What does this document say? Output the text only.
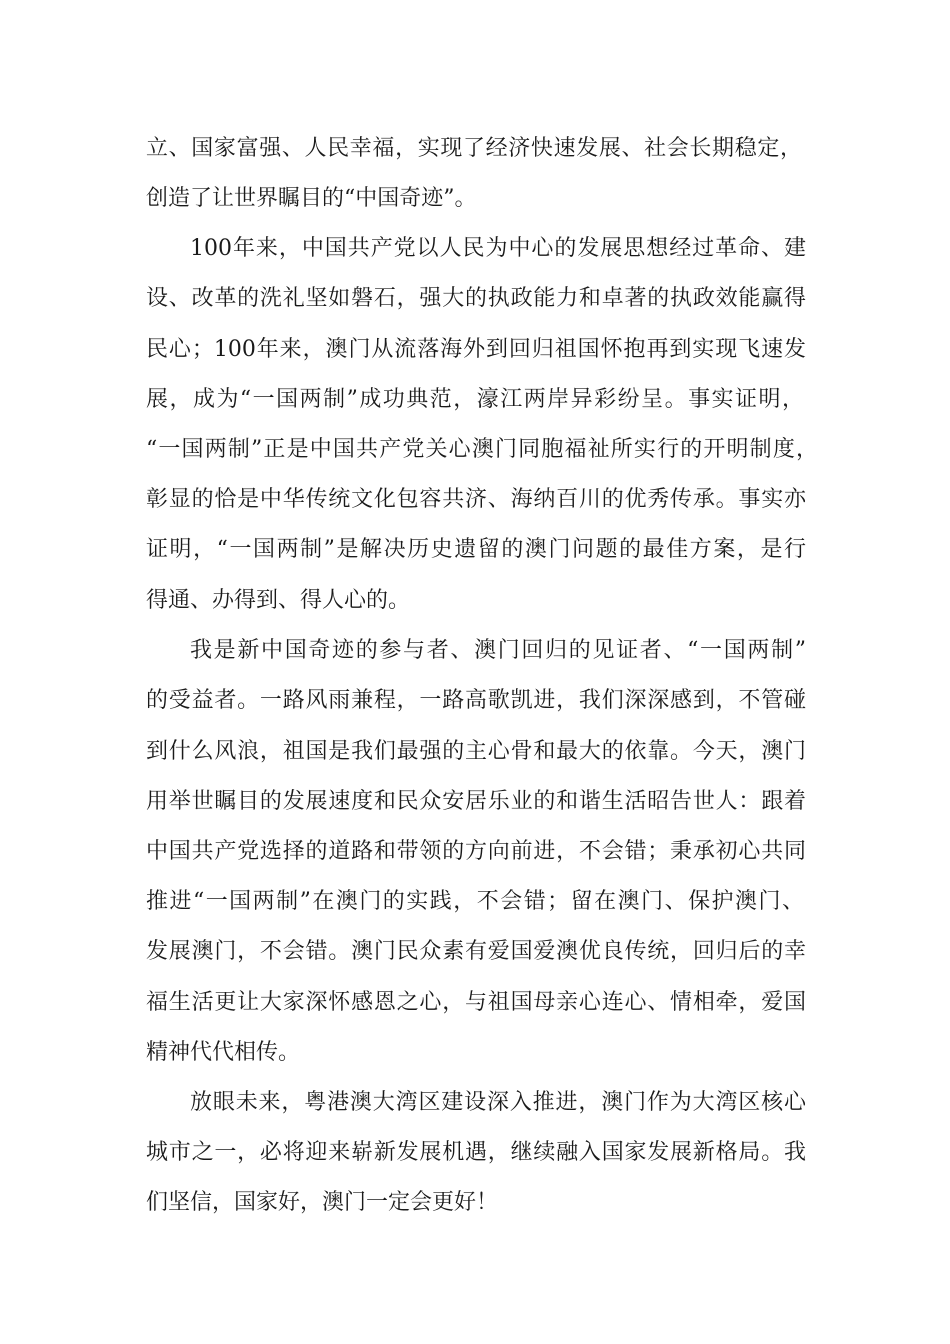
立、国家富强、人民幸福，实现了经济快速发展、社会长期稳定，
创造了让世界瞩目的“中国奇迹”。
100年来，中国共产党以人民为中心的发展思想经过革命、建
设、改革的洗礼坚如磐石，强大的执政能力和卓著的执政效能赢得
民心；100年来，澳门从流落海外到回归祖国怀抱再到实现飞速发
展，成为“一国两制”成功典范，濠江两岸异彩纷呈。事实证明，
“一国两制”正是中国共产党关心澳门同胞福祉所实行的开明制度，
彰显的恰是中华传统文化包容共济、海纳百川的优秀传承。事实亦
证明，“一国两制”是解决历史遗留的澳门问题的最佳方案，是行
得通、办得到、得人心的。
我是新中国奇迹的参与者、澳门回归的见证者、“一国两制”
的受益者。一路风雨兼程，一路高歌凯进，我们深深感到，不管碰
到什么风浪，祖国是我们最强的主心骨和最大的依靠。今天，澳门
用举世瞩目的发展速度和民众安居乐业的和谐生活昭告世人：跟着
中国共产党选择的道路和带领的方向前进，不会错；秉承初心共同
推进“一国两制”在澳门的实践，不会错；留在澳门、保护澳门、
发展澳门，不会错。澳门民众素有爱国爱澳优良传统，回归后的幸
福生活更让大家深怀感恩之心，与祖国母亲心连心、情相牵，爱国
精神代代相传。
放眼未来，粤港澳大湾区建设深入推进，澳门作为大湾区核心
城市之一，必将迎来崭新发展机遇，继续融入国家发展新格局。我
们坚信，国家好，澳门一定会更好！
